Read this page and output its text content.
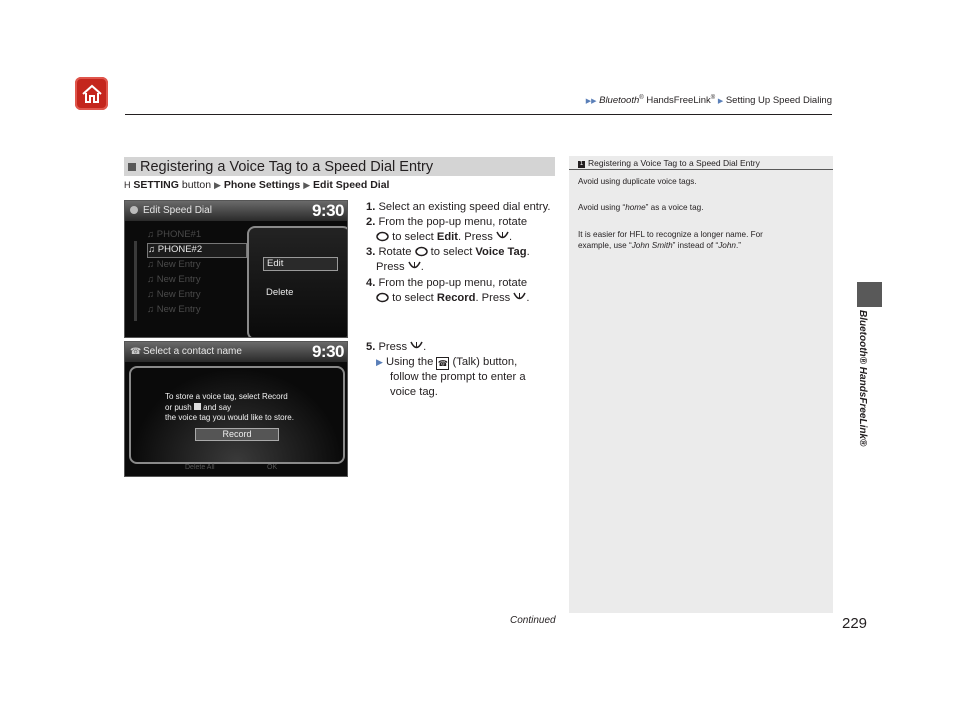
▶▶ Bluetooth® HandsFreeLink® ▶ Setting Up Speed Dialing
Bluetooth® HandsFreeLink®
Registering a Voice Tag to a Speed Dial Entry
H SETTING button ▶ Phone Settings ▶ Edit Speed Dial
Edit Speed Dial	9:30
♫ PHONE#1
♫ PHONE#2
♫ New Entry
♫ New Entry
♫ New Entry
♫ New Entry
Edit
Delete
☎ Select a contact name	9:30
To store a voice tag, select Record
or push and say
the voice tag you would like to store.
Record
Delete All	OK
1. Select an existing speed dial entry.
2. From the pop-up menu, rotate
to select Edit. Press .
3. Rotate to select Voice Tag.
Press .
4. From the pop-up menu, rotate
to select Record. Press .
5. Press .
▶ Using the ☎ (Talk) button,
follow the prompt to enter a
voice tag.
1 Registering a Voice Tag to a Speed Dial Entry
Avoid using duplicate voice tags.
Avoid using “home” as a voice tag.
It is easier for HFL to recognize a longer name. For
example, use “John Smith” instead of “John.”
Continued	229
